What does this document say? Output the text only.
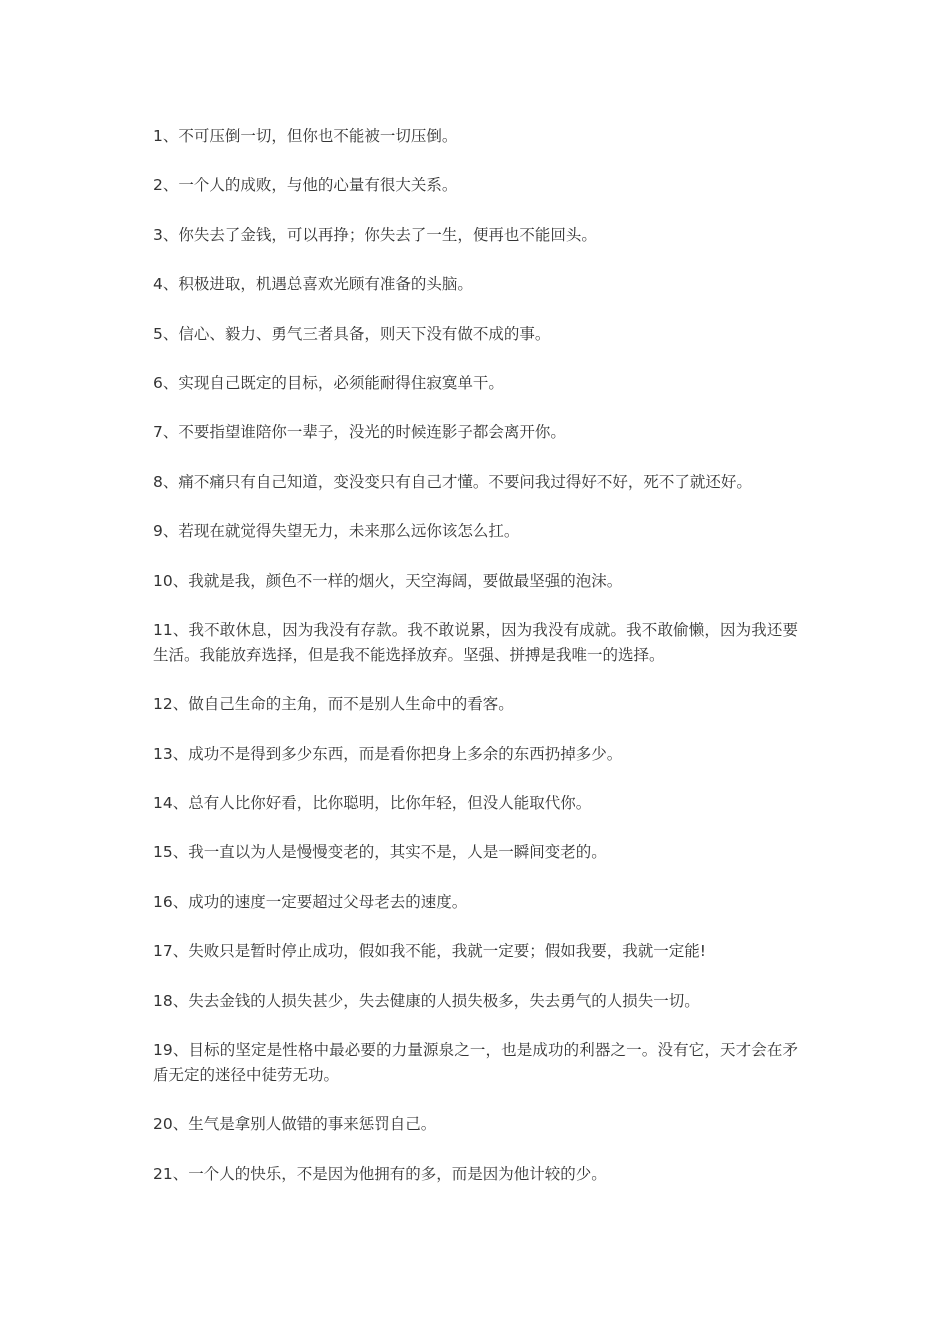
1、不可压倒一切，但你也不能被一切压倒。

2、一个人的成败，与他的心量有很大关系。

3、你失去了金钱，可以再挣；你失去了一生，便再也不能回头。

4、积极进取，机遇总喜欢光顾有准备的头脑。

5、信心、毅力、勇气三者具备，则天下没有做不成的事。

6、实现自己既定的目标，必须能耐得住寂寞单干。

7、不要指望谁陪你一辈子，没光的时候连影子都会离开你。

8、痛不痛只有自己知道，变没变只有自己才懂。不要问我过得好不好，死不了就还好。

9、若现在就觉得失望无力，未来那么远你该怎么扛。

10、我就是我，颜色不一样的烟火，天空海阔，要做最坚强的泡沫。

11、我不敢休息，因为我没有存款。我不敢说累，因为我没有成就。我不敢偷懒，因为我还要生活。我能放弃选择，但是我不能选择放弃。坚强、拼搏是我唯一的选择。

12、做自己生命的主角，而不是别人生命中的看客。

13、成功不是得到多少东西，而是看你把身上多余的东西扔掉多少。

14、总有人比你好看，比你聪明，比你年轻，但没人能取代你。

15、我一直以为人是慢慢变老的，其实不是，人是一瞬间变老的。

16、成功的速度一定要超过父母老去的速度。

17、失败只是暂时停止成功，假如我不能，我就一定要；假如我要，我就一定能!

18、失去金钱的人损失甚少，失去健康的人损失极多，失去勇气的人损失一切。

19、目标的坚定是性格中最必要的力量源泉之一，也是成功的利器之一。没有它，天才会在矛盾无定的迷径中徒劳无功。

20、生气是拿别人做错的事来惩罚自己。

21、一个人的快乐，不是因为他拥有的多，而是因为他计较的少。
